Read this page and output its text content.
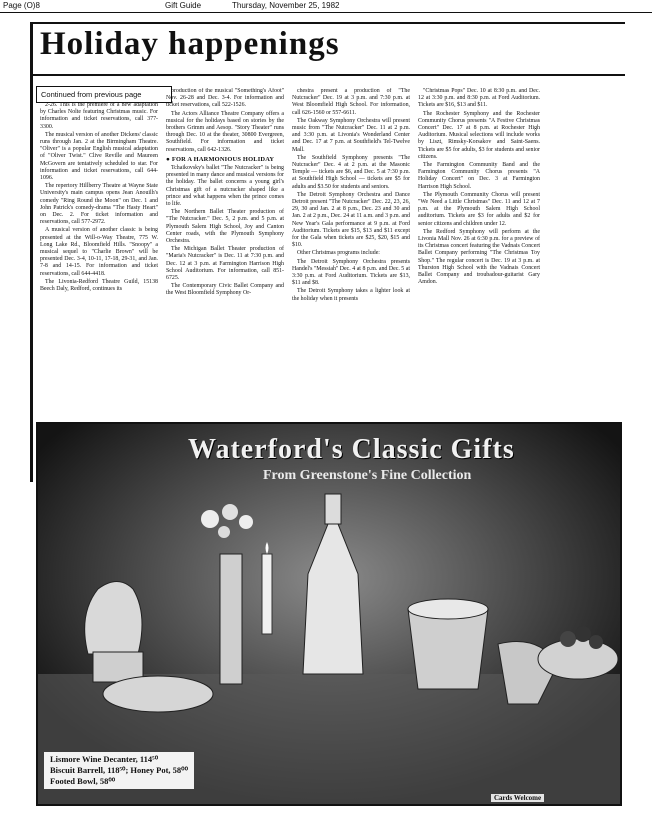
Page (O)8	Gift Guide	Thursday, November 25, 1982
Holiday happenings
Continued from previous page

2-26. This is the premiere of a new adaptation by Charles Nolte featuring Christmas music. For information and ticket reservations, call 377-3300.

The musical version of another Dickens' classic runs through Jan. 2 at the Birmingham Theatre. "Oliver" is a popular English musical adaptation of "Oliver Twist." Clive Reville and Maureen McGovern are tentatively scheduled to star. For information and ticket reservations, call 644-1096.

The repertory Hillberry Theatre at Wayne State University's main campus opens Jean Anouilh's comedy "Ring Round the Moon" on Dec. 1 and John Patrick's comedy-drama "The Hasty Heart" on Dec. 2. For ticket information and reservations, call 577-2972.

A musical version of another classic is being presented at the Will-o-Way Theatre, 775 W. Long Lake Rd., Bloomfield Hills. "Snoopy" a musical sequel to "Charlie Brown" will be presented Dec. 3-4, 10-11, 17-18, 29-31, and Jan. 7-8 and 14-15. For information and ticket reservations, call 644-4418.

The Livonia-Redford Theatre Guild, 15138 Beech Daly, Redford, continues its

production of the musical "Something's Afoot" Nov. 26-28 and Dec. 3-4. For information and ticket reservations, call 522-1526.

The Actors Alliance Theatre Company offers a musical for the holidays based on stories by the brothers Grimm and Aesop. "Story Theater" runs through Dec. 10 at the theater, 30800 Evergreen, Southfield. For information and ticket reservations, call 642-1326.

● FOR A HARMONIOUS HOLIDAY

Tchaikovsky's ballet "The Nutcracker" is being presented in many dance and musical versions for the holiday. The ballet concerns a young girl's Christmas gift of a nutcracker shaped like a prince and what happens when the prince comes to life.

The Northern Ballet Theater production of "The Nutcracker." Dec. 5, 2 p.m. and 5 p.m. at Plymouth Salem High School, Joy and Canton Center roads, with the Plymouth Symphony Orchestra.

The Michigan Ballet Theater production of "Maria's Nutcracker" is Dec. 11 at 7:30 p.m. and Dec. 12 at 3 p.m. at Farmington Harrison High School Auditorium. For information, call 851-6725.

The Contemporary Civic Ballet Company and the West Bloomfield Symphony Or-

chestra present a production of "The Nutcracker" Dec. 19 at 3 p.m. and 7:30 p.m. at West Bloomfield High School. For information, call 626-1560 or 557-6611.

The Oakway Symphony Orchestra will present music from "The Nutcracker" Dec. 11 at 2 p.m. and 3:30 p.m. at Livonia's Wonderland Center and Dec. 17 at 7 p.m. at Southfield's Tel-Twelve Mall.

The Southfield Symphony presents "The Nutcracker" Dec. 4 at 2 p.m. at the Masonic Temple — tickets are $6, and Dec. 5 at 7:30 p.m. at Southfield High School — tickets are $5 for adults and $3.50 for students and seniors.

The Detroit Symphony Orchestra and Dance Detroit present "The Nutcracker" Dec. 22, 23, 26, 29, 30 and Jan. 2 at 8 p.m., Dec. 23 and 30 and Jan. 2 at 2 p.m., Dec. 24 at 11 a.m. and 3 p.m. and New Year's Gala performance at 9 p.m. at Ford Auditorium. Tickets are $15, $13 and $11 except for the Gala when tickets are $25, $20, $15 and $10.

Other Christmas programs include:

The Detroit Symphony Orchestra presents Handel's "Messiah" Dec. 4 at 8 p.m. and Dec. 5 at 3:30 p.m. at Ford Auditorium. Tickets are $13, $11 and $8.

The Detroit Symphony takes a lighter look at the holiday when it presents

"Christmas Pops" Dec. 10 at 8:30 p.m. and Dec. 12 at 3:30 p.m. and 8:30 p.m. at Ford Auditorium. Tickets are $16, $13 and $11.

The Rochester Symphony and the Rochester Community Chorus presents "A Festive Christmas Concert" Dec. 17 at 8 p.m. at Rochester High Auditorium. Musical selections will include works by Liszt, Rimsky-Korsakov and Saint-Saens. Tickets are $5 for adults, $3 for students and senior citizens.

The Farmington Community Band and the Farmington Community Chorus presents "A Holiday Concert" on Dec. 3 at Farmington Harrison High School.

The Plymouth Community Chorus will present "We Need a Little Christmas" Dec. 11 and 12 at 7 p.m. at the Plymouth Salem High School auditorium. Tickets are $3 for adults and $2 for senior citizens and children under 12.

The Redford Symphony will perform at the Livonia Mall Nov. 26 at 6:30 p.m. for a preview of its Christmas concert featuring the Vadnais Concert Ballet Company performing "The Christmas Toy Shop." The regular concert is Dec. 19 at 3 p.m. at Thurston High School with the Vadnais Concert Ballet Company and troubadour-guitarist Gary Amdon.

Waterford's Classic Gifts
From Greenstone's Fine Collection
Lismore Wine Decanter, 114⁵⁰
Biscuit Barrell, 118⁵⁰; Honey Pot, 58⁰⁰
Footed Bowl, 58⁰⁰
Cards Welcome
